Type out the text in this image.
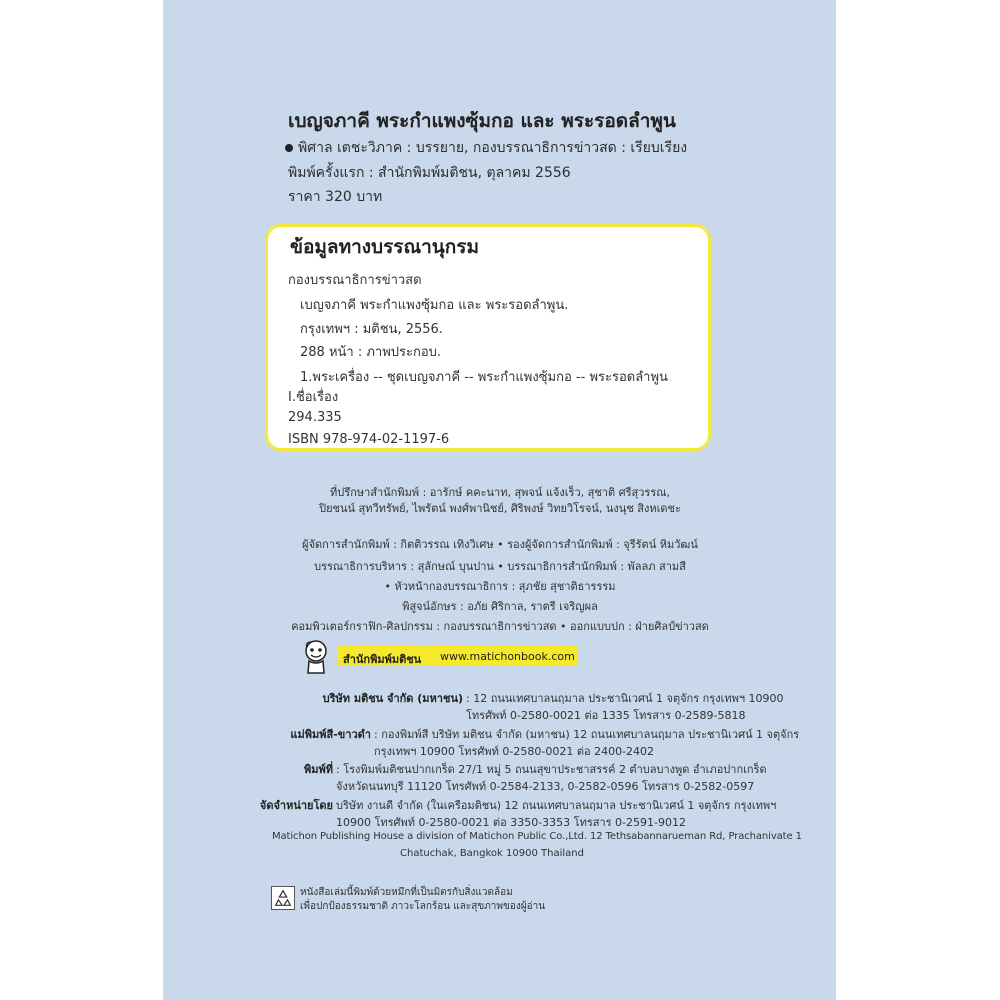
เบญจภาคี พระกำแพงซุ้มกอ และ พระรอดลำพูน
พิศาล เตชะวิภาค : บรรยาย, กองบรรณาธิการข่าวสด : เรียบเรียง
พิมพ์ครั้งแรก : สำนักพิมพ์มติชน, ตุลาคม 2556
ราคา 320 บาท
ข้อมูลทางบรรณานุกรม
กองบรรณาธิการข่าวสด
เบญจภาคี พระกำแพงซุ้มกอ และ พระรอดลำพูน.
กรุงเทพฯ : มติชน, 2556.
288 หน้า : ภาพประกอบ.
1.พระเครื่อง -- ชุดเบญจภาคี -- พระกำแพงซุ้มกอ -- พระรอดลำพูน
I.ชื่อเรื่อง
294.335
ISBN 978-974-02-1197-6
ที่ปรึกษาสำนักพิมพ์ : อารักษ์ คคะนาท, สุพจน์ แจ้งเร็ว, สุชาติ ศรีสุวรรณ,
ปิยชนน์ สุทวีทรัพย์, ไพรัตน์ พงศ์พานิชย์, ศิริพงษ์ วิทยวิโรจน์, นงนุช สิงหเดชะ
ผู้จัดการสำนักพิมพ์ : กิตติวรรณ เทิงวิเศษ • รองผู้จัดการสำนักพิมพ์ : จุรีรัตน์ หิมวัฒน์
บรรณาธิการบริหาร : สุลักษณ์ บุนปาน • บรรณาธิการสำนักพิมพ์ : พัลลภ สามสี
• หัวหน้ากองบรรณาธิการ : สุภชัย สุชาติธารรรม
พิสูจน์อักษร : อภัย ศิริกาล, ราตรี เจริญผล
คอมพิวเตอร์กราฟิก-ศิลปกรรม : กองบรรณาธิการข่าวสด • ออกแบบปก : ฝ่ายศิลป์ข่าวสด
สำนักพิมพ์มติชน www.matichonbook.com
บริษัท มติชน จำกัด (มหาชน) : 12 ถนนเทศบาลนฤมาล ประชานิเวศน์ 1 จตุจักร กรุงเทพฯ 10900
โทรศัพท์ 0-2580-0021 ต่อ 1335 โทรสาร 0-2589-5818
แม่พิมพ์สี-ขาวดำ : กองพิมพ์สี บริษัท มติชน จำกัด (มหาชน) 12 ถนนเทศบาลนฤมาล ประชานิเวศน์ 1 จตุจักร
กรุงเทพฯ 10900 โทรศัพท์ 0-2580-0021 ต่อ 2400-2402
พิมพ์ที่ : โรงพิมพ์มติชนปากเกร็ด 27/1 หมู่ 5 ถนนสุขาประชาสรรค์ 2 ตำบลบางพูด อำเภอปากเกร็ด
จังหวัดนนทบุรี 11120 โทรศัพท์ 0-2584-2133, 0-2582-0596 โทรสาร 0-2582-0597
จัดจำหน่ายโดย บริษัท งานดี จำกัด (ในเครือมติชน) 12 ถนนเทศบาลนฤมาล ประชานิเวศน์ 1 จตุจักร กรุงเทพฯ
10900 โทรศัพท์ 0-2580-0021 ต่อ 3350-3353 โทรสาร 0-2591-9012
Matichon Publishing House a division of Matichon Public Co.,Ltd. 12 Tethsabannarueman Rd, Prachanivate 1
Chatuchak, Bangkok 10900 Thailand
หนังสือเล่มนี้พิมพ์ด้วยหมึกที่เป็นมิตรกับสิ่งแวดล้อม
เพื่อปกป้องธรรมชาติ ภาวะโลกร้อน และสุขภาพของผู้อ่าน
